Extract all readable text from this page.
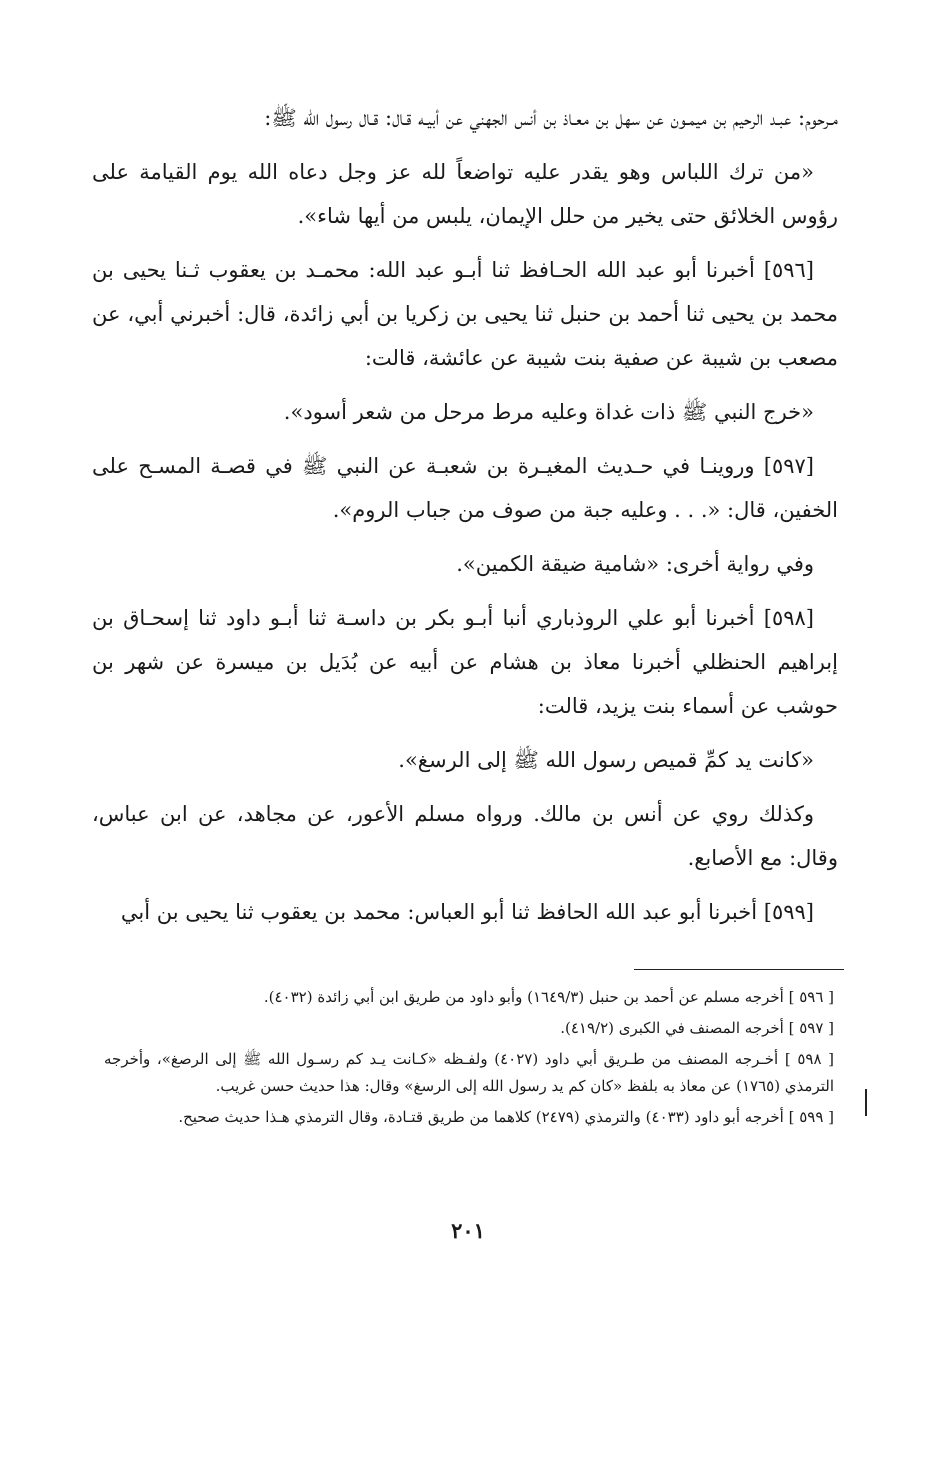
مـرحوم: عبـد الرحيم بن ميمـون عن سهل بن معـاذ بن أنس الجهني عن أبيـه قـال: قـال رسول الله ﷺ:

«من ترك اللباس وهو يقدر عليه تواضعاً لله عز وجل دعاه الله يوم القيامة على رؤوس الخلائق حتى يخير من حلل الإيمان، يلبس من أيها شاء».

[٥٩٦] أخبرنا أبو عبد الله الحـافظ ثنا أبـو عبد الله: محمـد بن يعقوب ثـنا يحيى بن محمد بن يحيى ثنا أحمد بن حنبل ثنا يحيى بن زكريا بن أبي زائدة، قال: أخبرني أبي، عن مصعب بن شيبة عن صفية بنت شيبة عن عائشة، قالت:

«خرج النبي ﷺ ذات غداة وعليه مرط مرحل من شعر أسود».

[٥٩٧] وروينـا في حـديث المغيـرة بن شعبـة عن النبي ﷺ في قصـة المسـح على الخفين، قال: «. . . وعليه جبة من صوف من جباب الروم».

وفي رواية أخرى: «شامية ضيقة الكمين».

[٥٩٨] أخبرنا أبو علي الروذباري أنبا أبـو بكر بن داسـة ثنا أبـو داود ثنا إسحـاق بن إبراهيم الحنظلي أخبرنا معاذ بن هشام عن أبيه عن بُدَيل بن ميسرة عن شهر بن حوشب عن أسماء بنت يزيد، قالت:

«كانت يد كمِّ قميص رسول الله ﷺ إلى الرسغ».

وكذلك روي عن أنس بن مالك. ورواه مسلم الأعور، عن مجاهد، عن ابن عباس، وقال: مع الأصابع.

[٥٩٩] أخبرنا أبو عبد الله الحافظ ثنا أبو العباس: محمد بن يعقوب ثنا يحيى بن أبي

[ ٥٩٦ ] أخرجه مسلم عن أحمد بن حنبل (١٦٤٩/٣) وأبو داود من طريق ابن أبي زائدة (٤٠٣٢).

[ ٥٩٧ ] أخرجه المصنف في الكبرى (٤١٩/٢).

[ ٥٩٨ ] أخـرجه المصنف من طـريق أبي داود (٤٠٢٧) ولفـظه «كـانت يـد كم رسـول الله ﷺ إلى الرصغ»، وأخرجه الترمذي (١٧٦٥) عن معاذ به بلفظ «كان كم يد رسول الله إلى الرسغ» وقال: هذا حديث حسن غريب.

[ ٥٩٩ ] أخرجه أبو داود (٤٠٣٣) والترمذي (٢٤٧٩) كلاهما من طريق قتـادة، وقال الترمذي هـذا حديث صحيح.

٢٠١
